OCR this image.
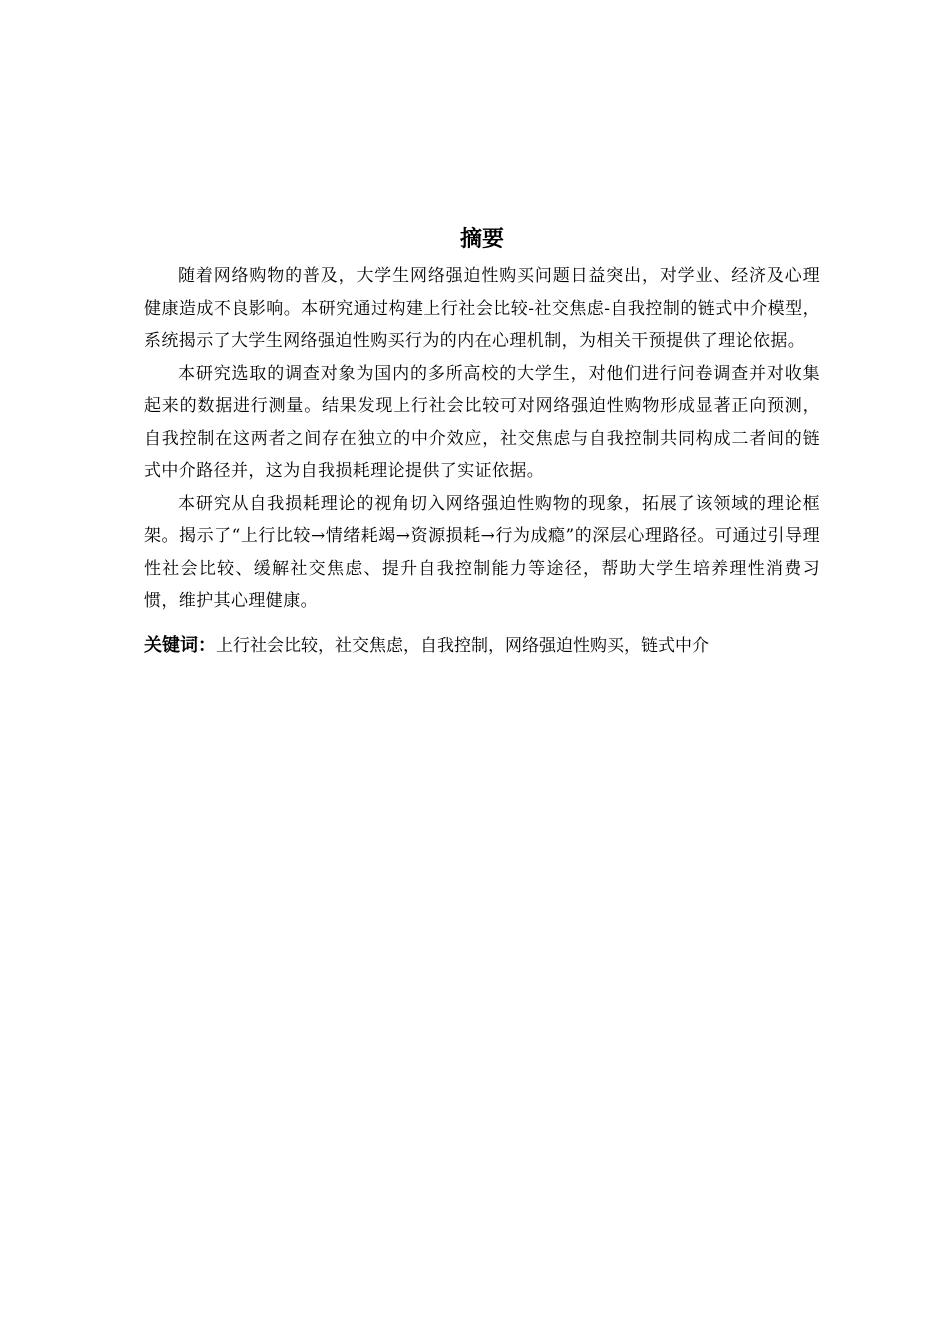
摘要

随着网络购物的普及，大学生网络强迫性购买问题日益突出，对学业、经济及心理健康造成不良影响。本研究通过构建上行社会比较-社交焦虑-自我控制的链式中介模型，系统揭示了大学生网络强迫性购买行为的内在心理机制，为相关干预提供了理论依据。

本研究选取的调查对象为国内的多所高校的大学生，对他们进行问卷调查并对收集起来的数据进行测量。结果发现上行社会比较可对网络强迫性购物形成显著正向预测，自我控制在这两者之间存在独立的中介效应，社交焦虑与自我控制共同构成二者间的链式中介路径并，这为自我损耗理论提供了实证依据。

本研究从自我损耗理论的视角切入网络强迫性购物的现象，拓展了该领域的理论框架。揭示了“上行比较→情绪耗竭→资源损耗→行为成瘾”的深层心理路径。可通过引导理性社会比较、缓解社交焦虑、提升自我控制能力等途径，帮助大学生培养理性消费习惯，维护其心理健康。

关键词：上行社会比较，社交焦虑，自我控制，网络强迫性购买，链式中介
